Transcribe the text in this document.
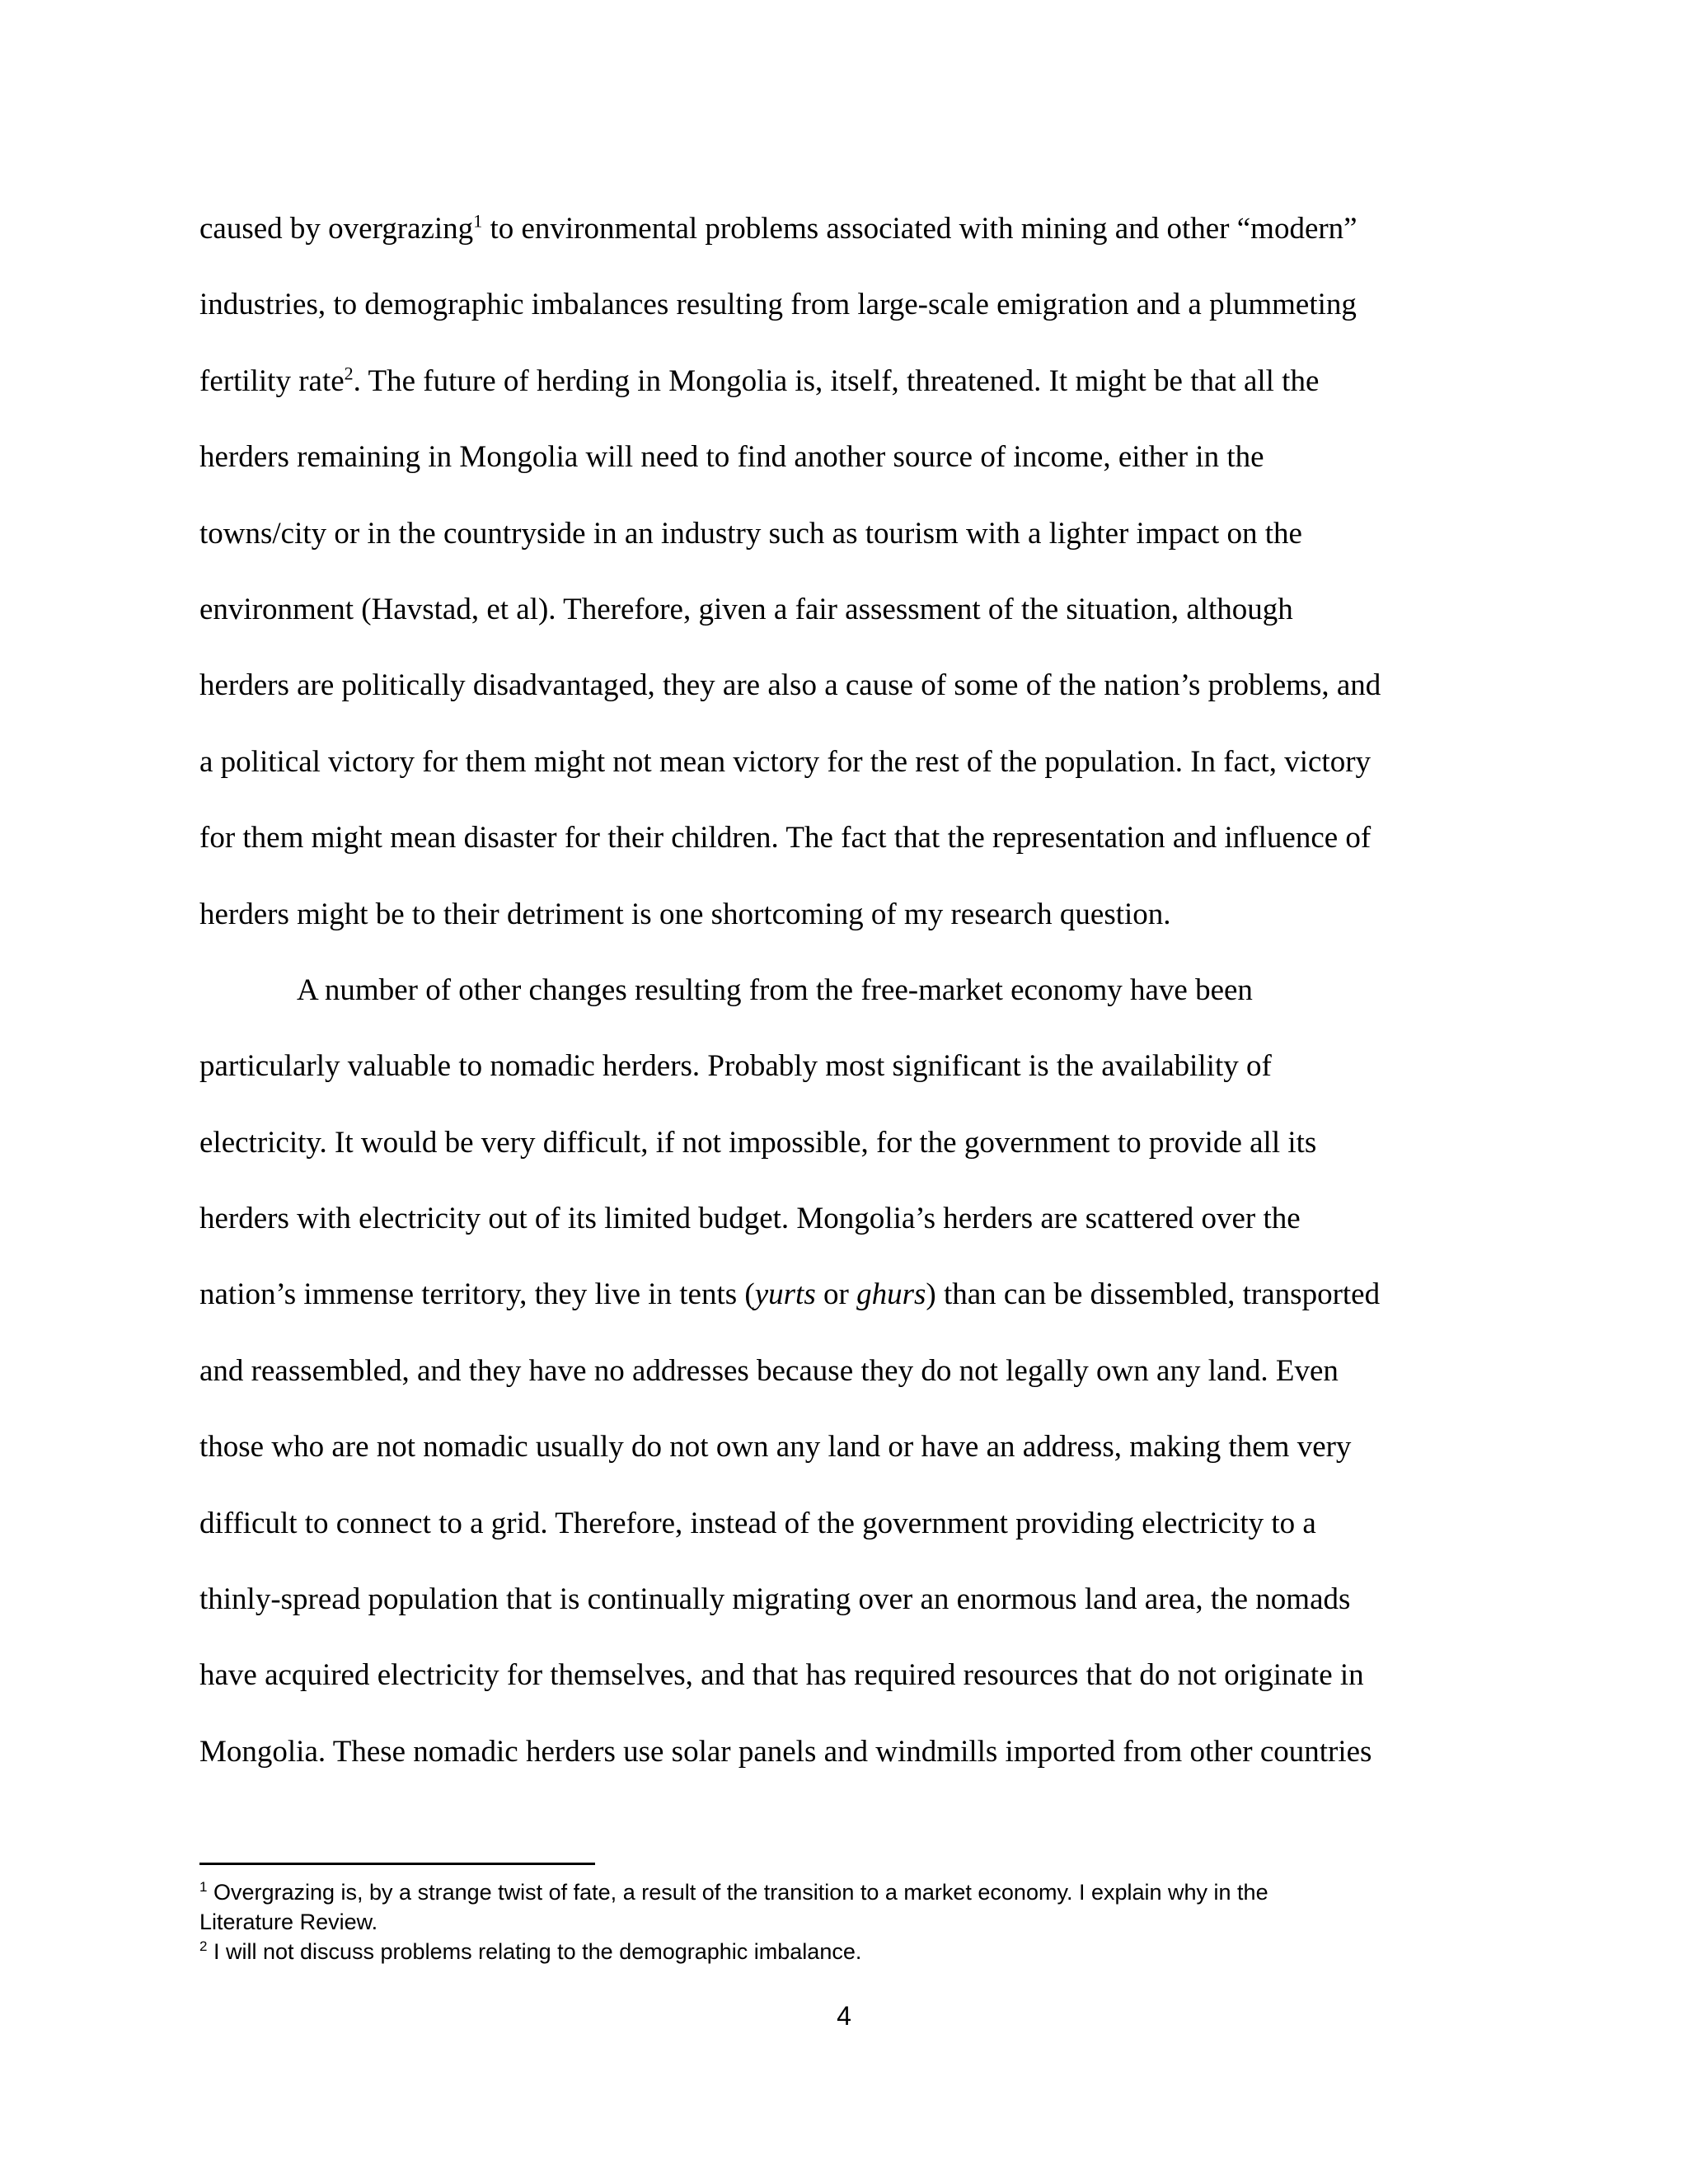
caused by overgrazing$^1$ to environmental problems associated with mining and other “modern”
industries, to demographic imbalances resulting from large-scale emigration and a plummeting
fertility rate$^2$. The future of herding in Mongolia is, itself, threatened. It might be that all the
herders remaining in Mongolia will need to find another source of income, either in the
towns/city or in the countryside in an industry such as tourism with a lighter impact on the
environment (Havstad, et al). Therefore, given a fair assessment of the situation, although
herders are politically disadvantaged, they are also a cause of some of the nation’s problems, and
a political victory for them might not mean victory for the rest of the population. In fact, victory
for them might mean disaster for their children. The fact that the representation and influence of
herders might be to their detriment is one shortcoming of my research question.
A number of other changes resulting from the free-market economy have been
particularly valuable to nomadic herders. Probably most significant is the availability of
electricity. It would be very difficult, if not impossible, for the government to provide all its
herders with electricity out of its limited budget. Mongolia’s herders are scattered over the
nation’s immense territory, they live in tents (yurts or ghurs) than can be dissembled, transported
and reassembled, and they have no addresses because they do not legally own any land. Even
those who are not nomadic usually do not own any land or have an address, making them very
difficult to connect to a grid. Therefore, instead of the government providing electricity to a
thinly-spread population that is continually migrating over an enormous land area, the nomads
have acquired electricity for themselves, and that has required resources that do not originate in
Mongolia. These nomadic herders use solar panels and windmills imported from other countries
$^1$ Overgrazing is, by a strange twist of fate, a result of the transition to a market economy. I explain why in the
Literature Review.
$^2$ I will not discuss problems relating to the demographic imbalance.
4
